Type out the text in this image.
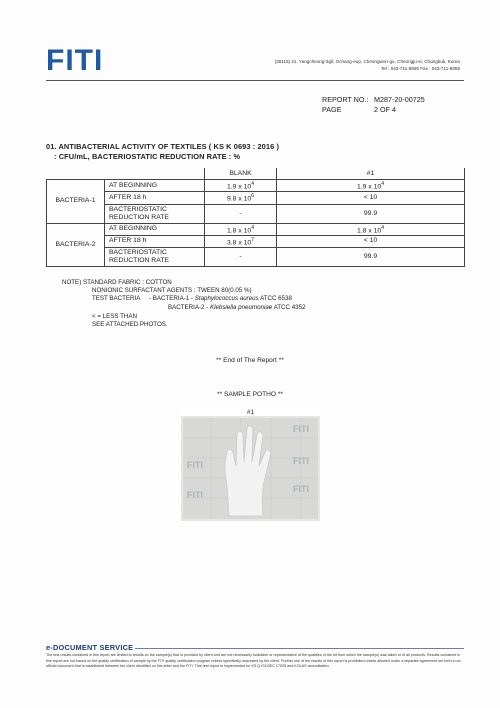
FITI	(28115) 21, Yangcheong-3gil, Ochang-eup, Cheongwon-gu, Cheongju-si, Chungbuk, Korea
Tel : 043-711-8855 Fax : 043-711-8855
REPORT NO.: M287-20-00725
PAGE	2 OF 4
01. ANTIBACTERIAL ACTIVITY OF TEXTILES ( KS K 0693 : 2016 )
: CFU/mL, BACTERIOSTATIC REDUCTION RATE : %
		BLANK	#1
BACTERIA-1	AT BEGINNING	1.9 x $10^4$	1.9 x $10^4$
	AFTER 18 h	9.8 x $10^6$	< 10
	BACTERIOSTATIC REDUCTION RATE	-	99.9
BACTERIA-2	AT BEGINNING	1.8 x $10^4$	1.8 x $10^4$
	AFTER 18 h	3.8 x $10^7$	< 10
	BACTERIOSTATIC REDUCTION RATE	-	99.9
NOTE) STANDARD FABRIC : COTTON
NONIONIC SURFACTANT AGENTS : TWEEN 80(0.05 %)
TEST BACTERIA - BACTERIA-1 - Staphylococcus aureus ATCC 6538
BACTERIA-2 - Klebsiella pneumoniae ATCC 4352
< = LESS THAN
SEE ATTACHED PHOTOS.
** End of The Report **
** SAMPLE POTHO **
#1
FITI
FITI
FITI
FITI
FITI
e-DOCUMENT SERVICE
The test results contained in this report are limited to results on the sample(s) that is provided by client and are not necessarily indicative or representative of the qualities of the lot from which the sample(s) was taken or of all products. Results contained in this report are not based on the quality certification of sample by the FITI quality certification program unless specifically requested by the client. Further use of the results of this report is prohibited unless allowed under a separate agreement set forth in an official document that is established between the client identified on this letter and the FITI. This test report is implemented for KS Q ISO/IEC 17025 and KOLAS accreditation.
